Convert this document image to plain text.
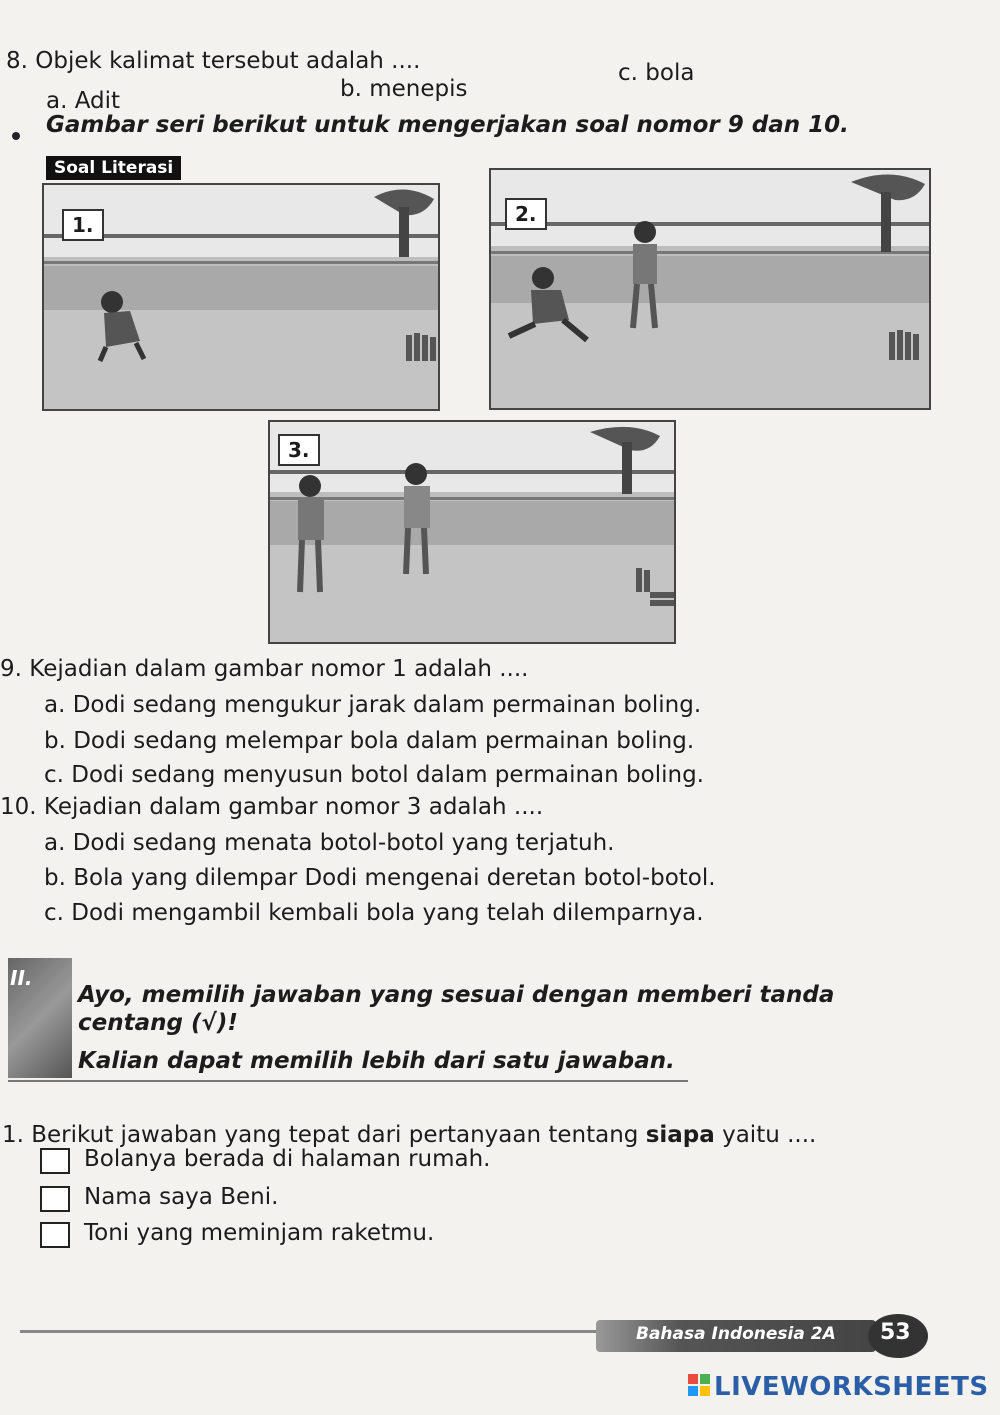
8. Objek kalimat tersebut adalah ....
a. Adit	b. menepis
c. bola
Gambar seri berikut untuk mengerjakan soal nomor 9 dan 10.
Soal Literasi
1.	2.
3.
9. Kejadian dalam gambar nomor 1 adalah ....
a. Dodi sedang mengukur jarak dalam permainan boling.
b. Dodi sedang melempar bola dalam permainan boling.
c. Dodi sedang menyusun botol dalam permainan boling.
10. Kejadian dalam gambar nomor 3 adalah ....
a. Dodi sedang menata botol-botol yang terjatuh.
b. Bola yang dilempar Dodi mengenai deretan botol-botol.
c. Dodi mengambil kembali bola yang telah dilemparnya.
II.
Ayo, memilih jawaban yang sesuai dengan memberi tanda
centang (√)!
Kalian dapat memilih lebih dari satu jawaban.
1. Berikut jawaban yang tepat dari pertanyaan tentang siapa yaitu ....
Bolanya berada di halaman rumah.
Nama saya Beni.
Toni yang meminjam raketmu.
Bahasa Indonesia 2A 53
LIVEWORKSHEETS
